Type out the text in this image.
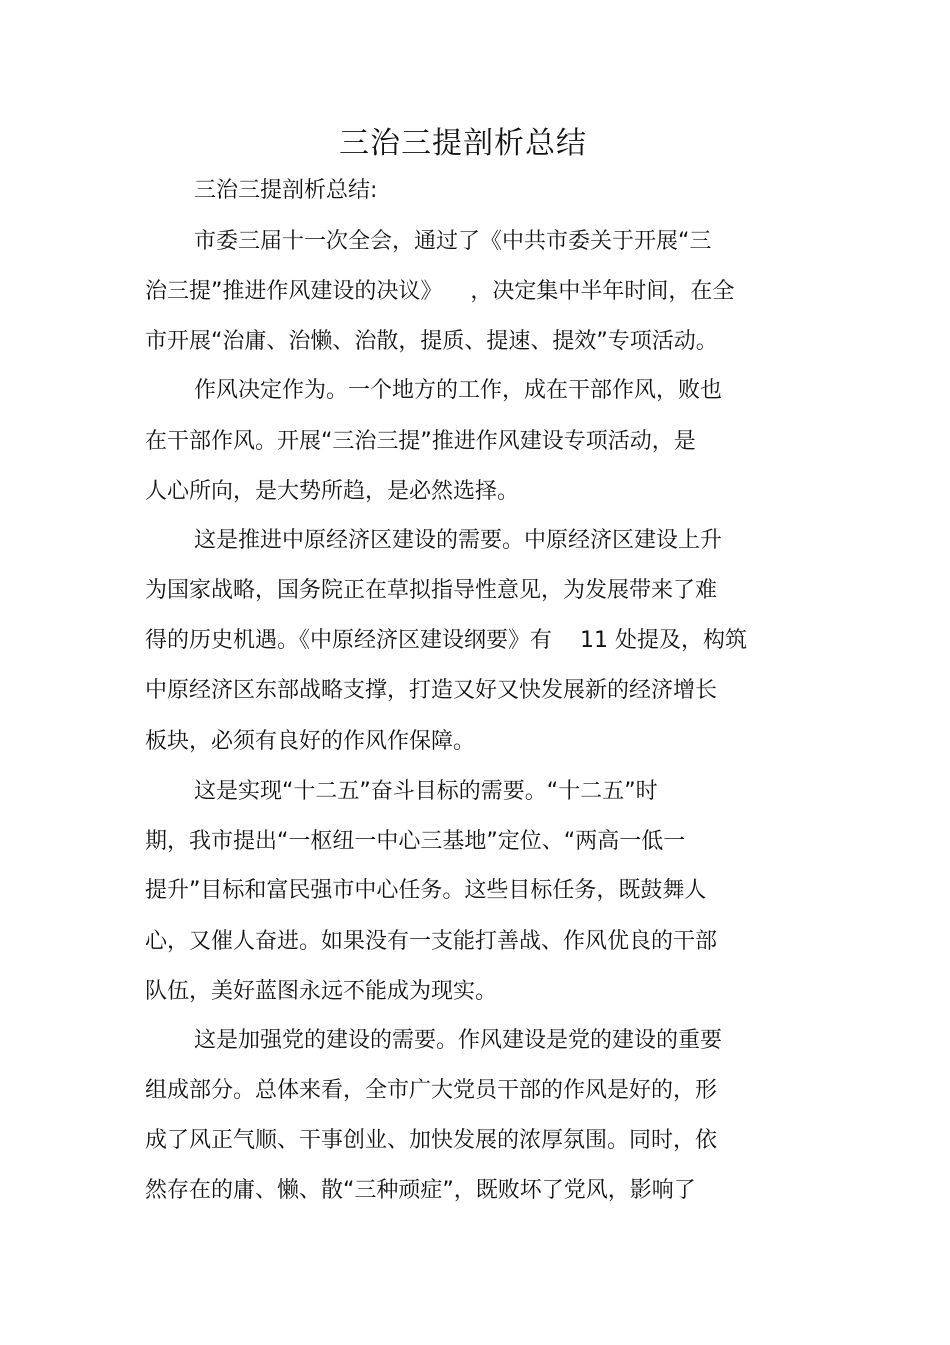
三治三提剖析总结
三治三提剖析总结:
市委三届十一次全会，通过了《中共市委关于开展“三
治三提”推进作风建设的决议》    ，决定集中半年时间，在全
市开展“治庸、治懒、治散，提质、提速、提效”专项活动。
作风决定作为。一个地方的工作，成在干部作风，败也
在干部作风。开展“三治三提”推进作风建设专项活动，是
人心所向，是大势所趋，是必然选择。
这是推进中原经济区建设的需要。中原经济区建设上升
为国家战略，国务院正在草拟指导性意见，为发展带来了难
得的历史机遇。《中原经济区建设纲要》有    11 处提及，构筑
中原经济区东部战略支撑，打造又好又快发展新的经济增长
板块，必须有良好的作风作保障。
这是实现“十二五”奋斗目标的需要。“十二五”时
期，我市提出“一枢纽一中心三基地”定位、“两高一低一
提升”目标和富民强市中心任务。这些目标任务，既鼓舞人
心，又催人奋进。如果没有一支能打善战、作风优良的干部
队伍，美好蓝图永远不能成为现实。
这是加强党的建设的需要。作风建设是党的建设的重要
组成部分。总体来看，全市广大党员干部的作风是好的，形
成了风正气顺、干事创业、加快发展的浓厚氛围。同时，依
然存在的庸、懒、散“三种顽症”，既败坏了党风，影响了
